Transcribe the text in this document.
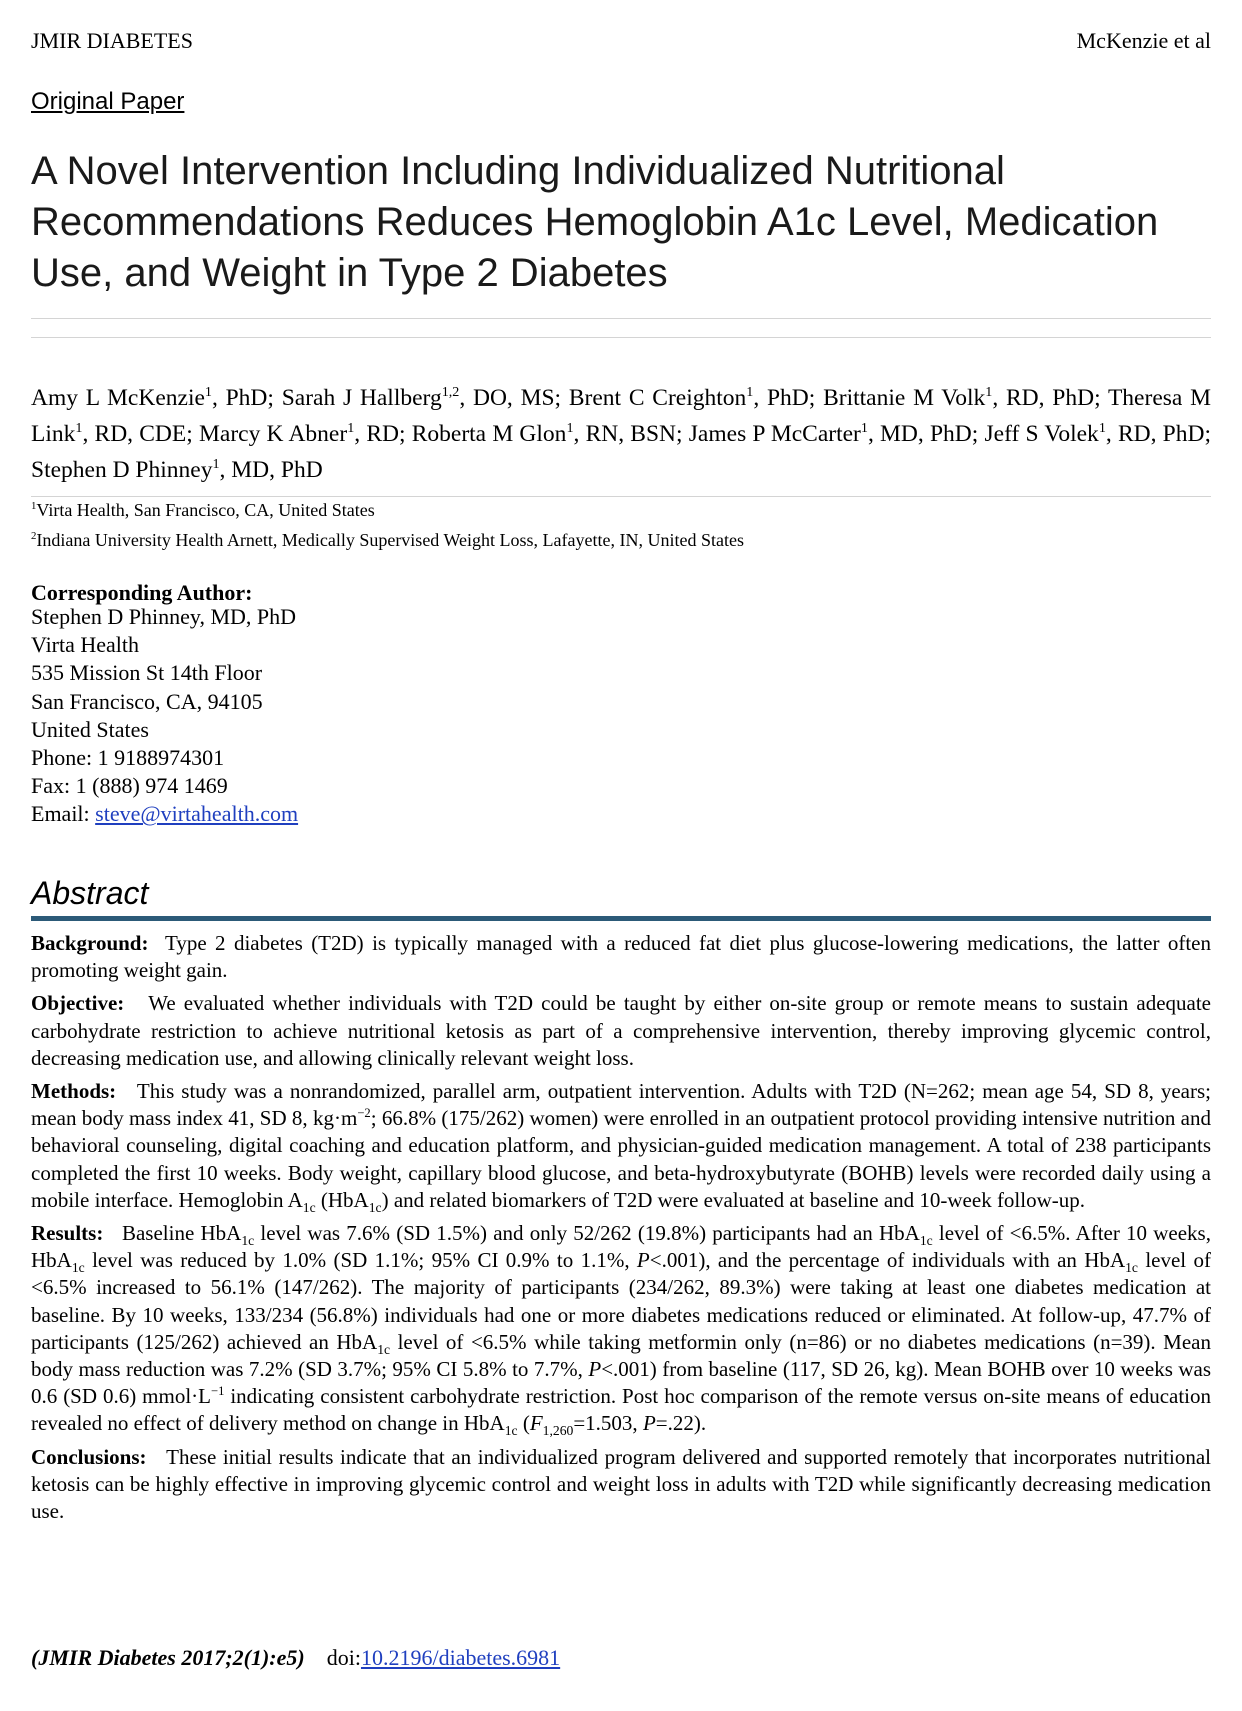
JMIR DIABETES	McKenzie et al
Original Paper
A Novel Intervention Including Individualized Nutritional Recommendations Reduces Hemoglobin A1c Level, Medication Use, and Weight in Type 2 Diabetes
Amy L McKenzie$^1$, PhD; Sarah J Hallberg$^{1,2}$, DO, MS; Brent C Creighton$^1$, PhD; Brittanie M Volk$^1$, RD, PhD; Theresa M Link$^1$, RD, CDE; Marcy K Abner$^1$, RD; Roberta M Glon$^1$, RN, BSN; James P McCarter$^1$, MD, PhD; Jeff S Volek$^1$, RD, PhD; Stephen D Phinney$^1$, MD, PhD
$^1$Virta Health, San Francisco, CA, United States
$^2$Indiana University Health Arnett, Medically Supervised Weight Loss, Lafayette, IN, United States
Corresponding Author:
Stephen D Phinney, MD, PhD
Virta Health
535 Mission St 14th Floor
San Francisco, CA, 94105
United States
Phone: 1 9188974301
Fax: 1 (888) 974 1469
Email: steve@virtahealth.com
Abstract

Background: Type 2 diabetes (T2D) is typically managed with a reduced fat diet plus glucose-lowering medications, the latter often promoting weight gain.

Objective: We evaluated whether individuals with T2D could be taught by either on-site group or remote means to sustain adequate carbohydrate restriction to achieve nutritional ketosis as part of a comprehensive intervention, thereby improving glycemic control, decreasing medication use, and allowing clinically relevant weight loss.

Methods: This study was a nonrandomized, parallel arm, outpatient intervention. Adults with T2D (N=262; mean age 54, SD 8, years; mean body mass index 41, SD 8, $kg\cdot m^{-2}$; 66.8% (175/262) women) were enrolled in an outpatient protocol providing intensive nutrition and behavioral counseling, digital coaching and education platform, and physician-guided medication management. A total of 238 participants completed the first 10 weeks. Body weight, capillary blood glucose, and beta-hydroxybutyrate (BOHB) levels were recorded daily using a mobile interface. Hemoglobin $A_{1c}$ (HbA$_{1c}$) and related biomarkers of T2D were evaluated at baseline and 10-week follow-up.

Results: Baseline HbA$_{1c}$ level was 7.6% (SD 1.5%) and only 52/262 (19.8%) participants had an HbA$_{1c}$ level of <6.5%. After 10 weeks, HbA$_{1c}$ level was reduced by 1.0% (SD 1.1%; 95% CI 0.9% to 1.1%, P<.001), and the percentage of individuals with an HbA$_{1c}$ level of <6.5% increased to 56.1% (147/262). The majority of participants (234/262, 89.3%) were taking at least one diabetes medication at baseline. By 10 weeks, 133/234 (56.8%) individuals had one or more diabetes medications reduced or eliminated. At follow-up, 47.7% of participants (125/262) achieved an HbA$_{1c}$ level of <6.5% while taking metformin only (n=86) or no diabetes medications (n=39). Mean body mass reduction was 7.2% (SD 3.7%; 95% CI 5.8% to 7.7%, P<.001) from baseline (117, SD 26, kg). Mean BOHB over 10 weeks was 0.6 (SD 0.6) $mmol\cdot L^{-1}$ indicating consistent carbohydrate restriction. Post hoc comparison of the remote versus on-site means of education revealed no effect of delivery method on change in HbA$_{1c}$ ($F_{1,260}=1.503$, P=.22).

Conclusions: These initial results indicate that an individualized program delivered and supported remotely that incorporates nutritional ketosis can be highly effective in improving glycemic control and weight loss in adults with T2D while significantly decreasing medication use.

(JMIR Diabetes 2017;2(1):e5) doi:10.2196/diabetes.6981
